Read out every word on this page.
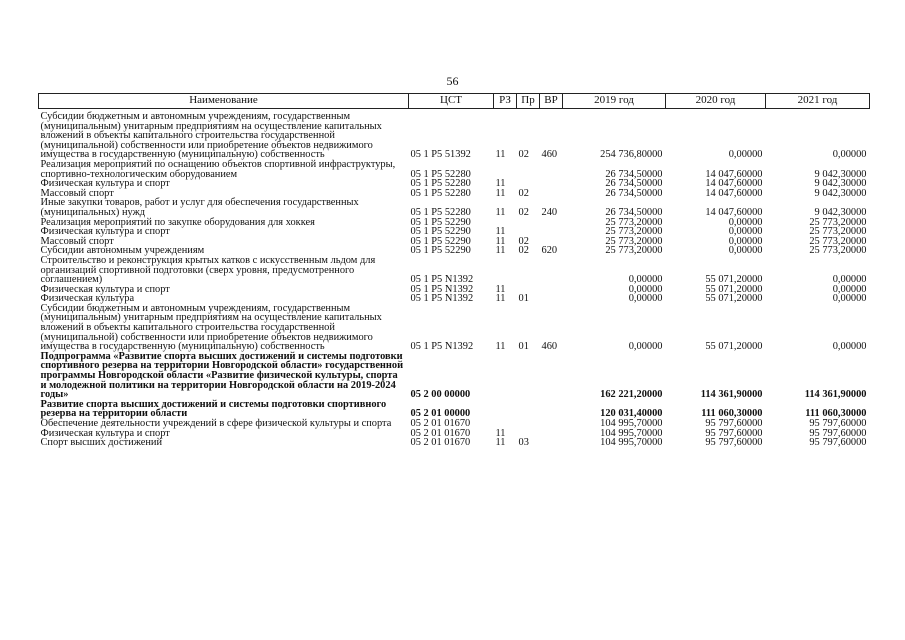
56
Наименование	ЦСТ	РЗ	Пр	ВР	2019 год	2020 год	2021 год

Субсидии бюджетным и автономным учреждениям, государственным (муниципальным) унитарным предприятиям на осуществление капитальных вложений в объекты капитального строительства государственной (муниципальной) собственности или приобретение объектов недвижимого имущества в государственную (муниципальную) собственность	05 1 P5 51392	11	02	460	254 736,80000	0,00000	0,00000
Реализация мероприятий по оснащению объектов спортивной инфраструктуры, спортивно-технологическим оборудованием	05 1 P5 52280				26 734,50000	14 047,60000	9 042,30000
Физическая культура и спорт	05 1 P5 52280	11			26 734,50000	14 047,60000	9 042,30000
Массовый спорт	05 1 P5 52280	11	02		26 734,50000	14 047,60000	9 042,30000
Иные закупки товаров, работ и услуг для обеспечения государственных (муниципальных) нужд	05 1 P5 52280	11	02	240	26 734,50000	14 047,60000	9 042,30000
Реализация мероприятий по закупке оборудования для хоккея	05 1 P5 52290				25 773,20000	0,00000	25 773,20000
Физическая культура и спорт	05 1 P5 52290	11			25 773,20000	0,00000	25 773,20000
Массовый спорт	05 1 P5 52290	11	02		25 773,20000	0,00000	25 773,20000
Субсидии автономным учреждениям	05 1 P5 52290	11	02	620	25 773,20000	0,00000	25 773,20000
Строительство и реконструкция крытых катков с искусственным льдом для организаций спортивной подготовки (сверх уровня, предусмотренного соглашением)	05 1 P5 N1392				0,00000	55 071,20000	0,00000
Физическая культура и спорт	05 1 P5 N1392	11			0,00000	55 071,20000	0,00000
Физическая культура	05 1 P5 N1392	11	01		0,00000	55 071,20000	0,00000
Субсидии бюджетным и автономным учреждениям, государственным (муниципальным) унитарным предприятиям на осуществление капитальных вложений в объекты капитального строительства государственной (муниципальной) собственности или приобретение объектов недвижимого имущества в государственную (муниципальную) собственность	05 1 P5 N1392	11	01	460	0,00000	55 071,20000	0,00000
Подпрограмма «Развитие спорта высших достижений и системы подготовки спортивного резерва на территории Новгородской области» государственной программы Новгородской области «Развитие физической культуры, спорта и молодежной политики на территории Новгородской области на 2019-2024 годы»	05 2 00 00000				162 221,20000	114 361,90000	114 361,90000
Развитие спорта высших достижений и системы подготовки спортивного резерва на территории области	05 2 01 00000				120 031,40000	111 060,30000	111 060,30000
Обеспечение деятельности учреждений в сфере физической культуры и спорта	05 2 01 01670				104 995,70000	95 797,60000	95 797,60000
Физическая культура и спорт	05 2 01 01670	11			104 995,70000	95 797,60000	95 797,60000
Спорт высших достижений	05 2 01 01670	11	03		104 995,70000	95 797,60000	95 797,60000
